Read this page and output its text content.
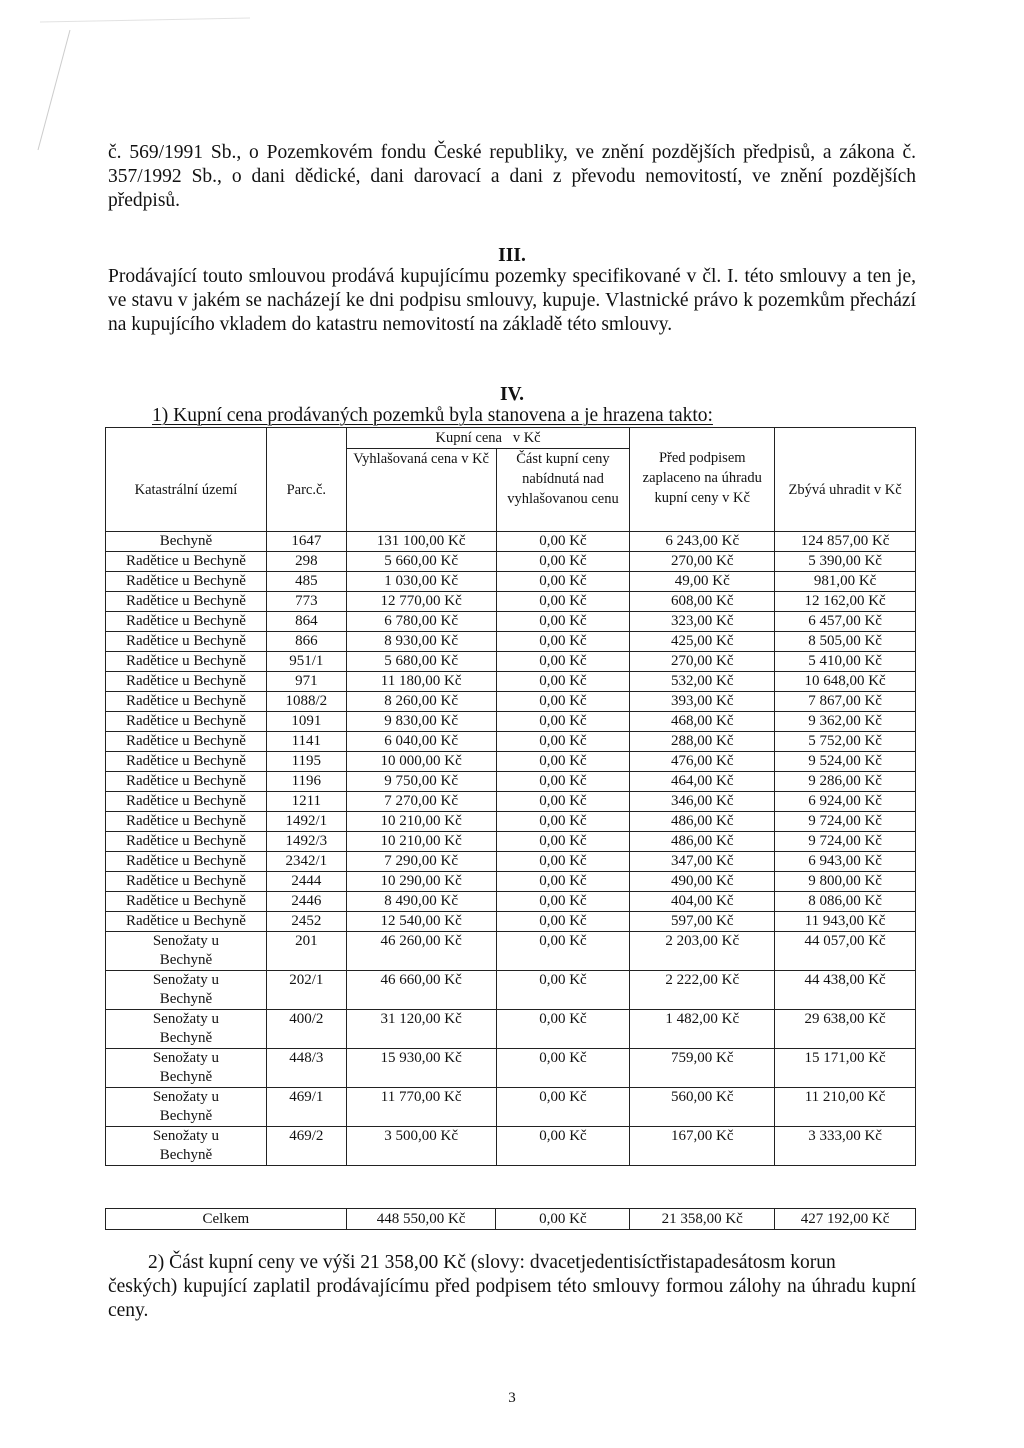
č. 569/1991 Sb., o Pozemkovém fondu České republiky, ve znění pozdějších předpisů, a zákona č. 357/1992 Sb., o dani dědické, dani darovací a dani z převodu nemovitostí, ve znění pozdějších předpisů.

III.

Prodávající touto smlouvou prodává kupujícímu pozemky specifikované v čl. I. této smlouvy a ten je, ve stavu v jakém se nacházejí ke dni podpisu smlouvy, kupuje. Vlastnické právo k pozemkům přechází na kupujícího vkladem do katastru nemovitostí na základě této smlouvy.

IV.
1) Kupní cena prodávaných pozemků byla stanovena a je hrazena takto:
Katastrální území	Parc.č.	Kupní cena   v Kč		Před podpisem zaplaceno na úhradu kupní ceny v Kč	Zbývá uhradit v Kč
		Vyhlašovaná cena v Kč	Část kupní ceny nabídnutá nad vyhlašovanou cenu		
Bechyně	1647	131 100,00 Kč	0,00 Kč	6 243,00 Kč	124 857,00 Kč
Radětice u Bechyně	298	5 660,00 Kč	0,00 Kč	270,00 Kč	5 390,00 Kč
Radětice u Bechyně	485	1 030,00 Kč	0,00 Kč	49,00 Kč	981,00 Kč
Radětice u Bechyně	773	12 770,00 Kč	0,00 Kč	608,00 Kč	12 162,00 Kč
Radětice u Bechyně	864	6 780,00 Kč	0,00 Kč	323,00 Kč	6 457,00 Kč
Radětice u Bechyně	866	8 930,00 Kč	0,00 Kč	425,00 Kč	8 505,00 Kč
Radětice u Bechyně	951/1	5 680,00 Kč	0,00 Kč	270,00 Kč	5 410,00 Kč
Radětice u Bechyně	971	11 180,00 Kč	0,00 Kč	532,00 Kč	10 648,00 Kč
Radětice u Bechyně	1088/2	8 260,00 Kč	0,00 Kč	393,00 Kč	7 867,00 Kč
Radětice u Bechyně	1091	9 830,00 Kč	0,00 Kč	468,00 Kč	9 362,00 Kč
Radětice u Bechyně	1141	6 040,00 Kč	0,00 Kč	288,00 Kč	5 752,00 Kč
Radětice u Bechyně	1195	10 000,00 Kč	0,00 Kč	476,00 Kč	9 524,00 Kč
Radětice u Bechyně	1196	9 750,00 Kč	0,00 Kč	464,00 Kč	9 286,00 Kč
Radětice u Bechyně	1211	7 270,00 Kč	0,00 Kč	346,00 Kč	6 924,00 Kč
Radětice u Bechyně	1492/1	10 210,00 Kč	0,00 Kč	486,00 Kč	9 724,00 Kč
Radětice u Bechyně	1492/3	10 210,00 Kč	0,00 Kč	486,00 Kč	9 724,00 Kč
Radětice u Bechyně	2342/1	7 290,00 Kč	0,00 Kč	347,00 Kč	6 943,00 Kč
Radětice u Bechyně	2444	10 290,00 Kč	0,00 Kč	490,00 Kč	9 800,00 Kč
Radětice u Bechyně	2446	8 490,00 Kč	0,00 Kč	404,00 Kč	8 086,00 Kč
Radětice u Bechyně	2452	12 540,00 Kč	0,00 Kč	597,00 Kč	11 943,00 Kč
Senožaty u Bechyně	201	46 260,00 Kč	0,00 Kč	2 203,00 Kč	44 057,00 Kč
Senožaty u Bechyně	202/1	46 660,00 Kč	0,00 Kč	2 222,00 Kč	44 438,00 Kč
Senožaty u Bechyně	400/2	31 120,00 Kč	0,00 Kč	1 482,00 Kč	29 638,00 Kč
Senožaty u Bechyně	448/3	15 930,00 Kč	0,00 Kč	759,00 Kč	15 171,00 Kč
Senožaty u Bechyně	469/1	11 770,00 Kč	0,00 Kč	560,00 Kč	11 210,00 Kč
Senožaty u Bechyně	469/2	3 500,00 Kč	0,00 Kč	167,00 Kč	3 333,00 Kč
Celkem	448 550,00 Kč	0,00 Kč	21 358,00 Kč	427 192,00 Kč

2) Část kupní ceny ve výši 21 358,00 Kč (slovy: dvacetjedentisíctřistapadesátosm korun

českých) kupující zaplatil prodávajícímu před podpisem této smlouvy formou zálohy na úhradu kupní ceny.

3
